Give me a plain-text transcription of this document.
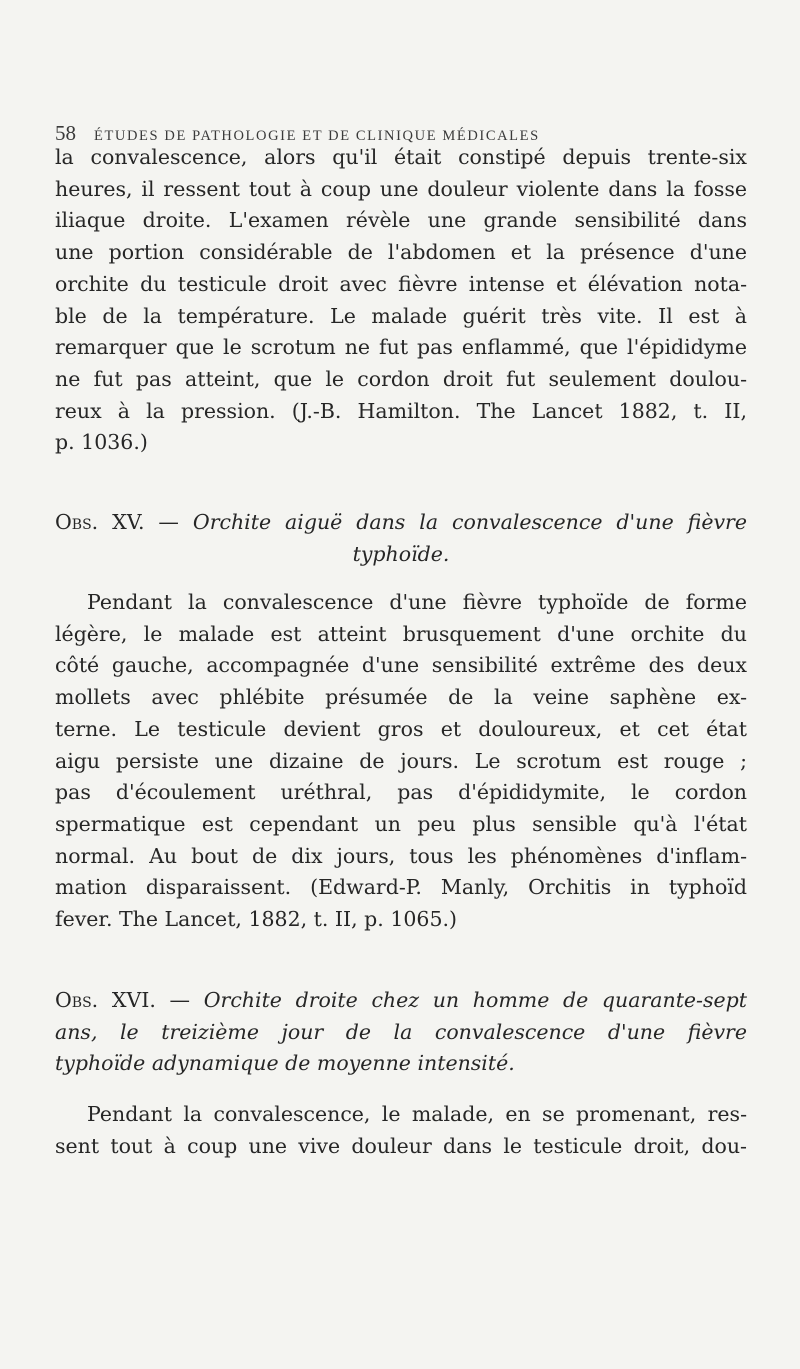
58 ÉTUDES DE PATHOLOGIE ET DE CLINIQUE MÉDICALES
la convalescence, alors qu'il était constipé depuis trente-six
heures, il ressent tout à coup une douleur violente dans la fosse
iliaque droite. L'examen révèle une grande sensibilité dans
une portion considérable de l'abdomen et la présence d'une
orchite du testicule droit avec fièvre intense et élévation nota-
ble de la température. Le malade guérit très vite. Il est à
remarquer que le scrotum ne fut pas enflammé, que l'épididyme
ne fut pas atteint, que le cordon droit fut seulement doulou-
reux à la pression. (J.-B. Hamilton. The Lancet 1882, t. II,
p. 1036.)
Obs. XV. — Orchite aiguë dans la convalescence d'une fièvre
typhoïde.
Pendant la convalescence d'une fièvre typhoïde de forme
légère, le malade est atteint brusquement d'une orchite du
côté gauche, accompagnée d'une sensibilité extrême des deux
mollets avec phlébite présumée de la veine saphène ex-
terne. Le testicule devient gros et douloureux, et cet état
aigu persiste une dizaine de jours. Le scrotum est rouge ;
pas d'écoulement uréthral, pas d'épididymite, le cordon
spermatique est cependant un peu plus sensible qu'à l'état
normal. Au bout de dix jours, tous les phénomènes d'inflam-
mation disparaissent. (Edward-P. Manly, Orchitis in typhoïd
fever. The Lancet, 1882, t. II, p. 1065.)
Obs. XVI. — Orchite droite chez un homme de quarante-sept
ans, le treizième jour de la convalescence d'une fièvre
typhoïde adynamique de moyenne intensité.
Pendant la convalescence, le malade, en se promenant, res-
sent tout à coup une vive douleur dans le testicule droit, dou-
